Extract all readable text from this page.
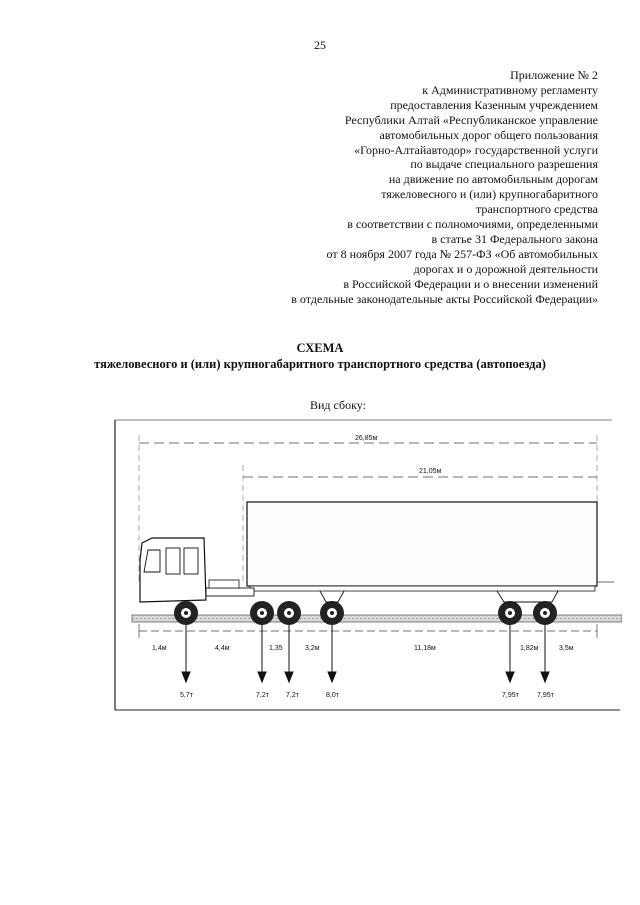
25
Приложение № 2
к Административному регламенту
предоставления Казенным учреждением
Республики Алтай «Республиканское управление
автомобильных дорог общего пользования
«Горно-Алтайавтодор» государственной услуги
по выдаче специального разрешения
на движение по автомобильным дорогам
тяжеловесного и (или) крупногабаритного
транспортного средства
в соответствии с полномочиями, определенными
в статье 31 Федерального закона
от 8 ноября 2007 года № 257-ФЗ «Об автомобильных
дорогах и о дорожной деятельности
в Российской Федерации и о внесении изменений
в отдельные законодательные акты Российской Федерации»
СХЕМА
тяжеловесного и (или) крупногабаритного транспортного средства (автопоезда)
Вид сбоку:
26,85м
21,05м
1,4м	4,4м	1,35	3,2м	11,18м	1,82м	3,5м
5,7т	7,2т 7,2т	8,0т	7,95т	7,95т
